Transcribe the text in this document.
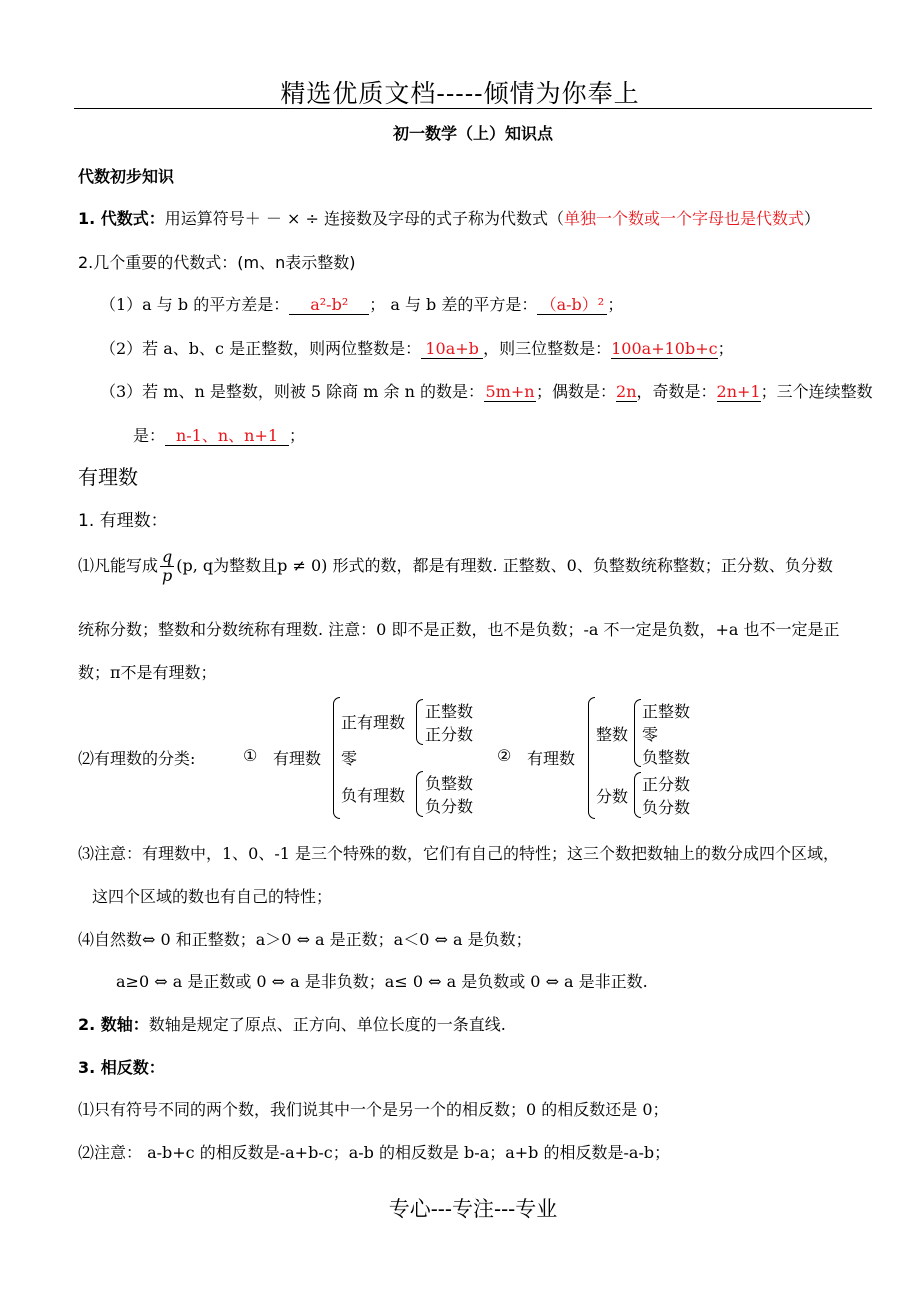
精选优质文档-----倾情为你奉上
初一数学（上）知识点
代数初步知识
1. 代数式：用运算符号＋ － × ÷ 连接数及字母的式子称为代数式（单独一个数或一个字母也是代数式）
2.几个重要的代数式：(m、n表示整数)
（1）a 与 b 的平方差是： a²-b² ； a 与 b 差的平方是： （a-b）² ；
（2）若 a、b、c 是正整数，则两位整数是： 10a+b ，则三位整数是：100a+10b+c；
（3）若 m、n 是整数，则被 5 除商 m 余 n 的数是：5m+n；偶数是：2n，奇数是：2n+1；三个连续整数
是： n-1、n、n+1 ；
有理数
1. 有理数：
⑴凡能写成 $\frac{q}{p} (p$, q为整数且p ≠ 0) 形式的数，都是有理数. 正整数、0、负整数统称整数；正分数、负分数
统称分数；整数和分数统称有理数. 注意：0 即不是正数，也不是负数；-a 不一定是负数，+a 也不一定是正
数；π不是有理数；
⑵有理数的分类:	① 有理数
正有理数
正整数
正分数
零
负有理数
负整数
负分数
② 有理数
整数
正整数
零
负整数
分数
正分数
负分数
⑶注意：有理数中，1、0、-1 是三个特殊的数，它们有自己的特性；这三个数把数轴上的数分成四个区域，
这四个区域的数也有自己的特性；
⑷自然数⇔ 0 和正整数；a＞0 ⇔ a 是正数；a＜0 ⇔ a 是负数；
a≥0 ⇔ a 是正数或 0 ⇔ a 是非负数；a≤ 0 ⇔ a 是负数或 0 ⇔ a 是非正数.
2. 数轴：数轴是规定了原点、正方向、单位长度的一条直线.
3. 相反数：
⑴只有符号不同的两个数，我们说其中一个是另一个的相反数；0 的相反数还是 0；
⑵注意： a-b+c 的相反数是-a+b-c；a-b 的相反数是 b-a；a+b 的相反数是-a-b；
专心---专注---专业
